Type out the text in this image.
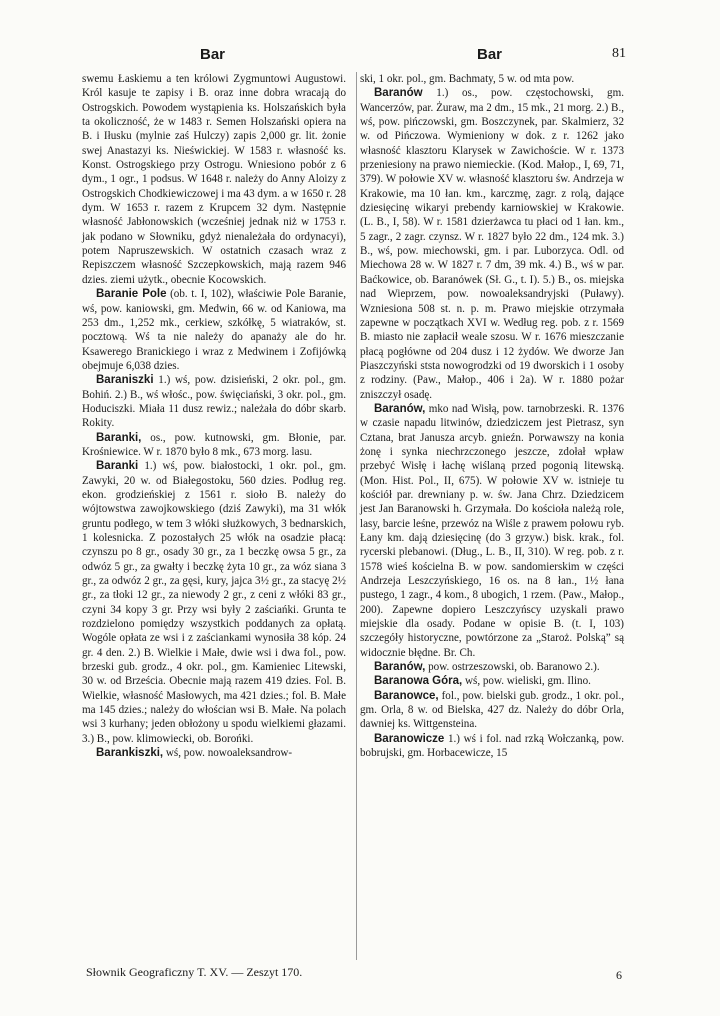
Bar	Bar	81

swemu Łaskiemu a ten królowi Zygmuntowi Augustowi. Król kasuje te zapisy i B. oraz inne dobra wracają do Ostrogskich. Powodem wystąpienia ks. Holszańskich była ta okoliczność, że w 1483 r. Semen Holszański opiera na B. i Iłusku (mylnie zaś Hulczy) zapis 2,000 gr. lit. żonie swej Anastazyi ks. Nieświckiej. W 1583 r. własność ks. Konst. Ostrogskiego przy Ostrogu. Wniesiono pobór z 6 dym., 1 ogr., 1 podsus. W 1648 r. należy do Anny Aloizy z Ostrogskich Chodkiewiczowej i ma 43 dym. a w 1650 r. 28 dym. W 1653 r. razem z Krupcem 32 dym. Następnie własność Jabłonowskich (wcześniej jednak niż w 1753 r. jak podano w Słowniku, gdyż nienależała do ordynacyi), potem Napruszewskich. W ostatnich czasach wraz z Repiszczem własność Szczepkowskich, mają razem 946 dzies. ziemi użytk., obecnie Kocowskich.

Baranie Pole (ob. t. I, 102), właściwie Pole Baranie, wś, pow. kaniowski, gm. Medwin, 66 w. od Kaniowa, ma 253 dm., 1,252 mk., cerkiew, szkółkę, 5 wiatraków, st. pocztową. Wś ta nie należy do apanaży ale do hr. Ksawerego Branickiego i wraz z Medwinem i Zofijówką obejmuje 6,038 dzies.

Baraniszki 1.) wś, pow. dzisieński, 2 okr. pol., gm. Bohiń. 2.) B., wś włośc., pow. święciański, 3 okr. pol., gm. Hoduciszki. Miała 11 dusz rewiz.; należała do dóbr skarb. Rokity.

Baranki, os., pow. kutnowski, gm. Błonie, par. Krośniewice. W r. 1870 było 8 mk., 673 morg. lasu.

Baranki 1.) wś, pow. białostocki, 1 okr. pol., gm. Zawyki, 20 w. od Białegostoku, 560 dzies. Podług reg. ekon. grodzieńskiej z 1561 r. sioło B. należy do wójtowstwa zawojkowskiego (dziś Zawyki), ma 31 włók gruntu podłego, w tem 3 włóki służkowych, 3 bednarskich, 1 kolesnicka. Z pozostałych 25 włók na osadzie płacą: czynszu po 8 gr., osady 30 gr., za 1 beczkę owsa 5 gr., za odwóz 5 gr., za gwałty i beczkę żyta 10 gr., za wóz siana 3 gr., za odwóz 2 gr., za gęsi, kury, jajca 3½ gr., za stacyę 2½ gr., za tłoki 12 gr., za niewody 2 gr., z ceni z włóki 83 gr., czyni 34 kopy 3 gr. Przy wsi były 2 zaściańki. Grunta te rozdzielono pomiędzy wszystkich poddanych za opłatą. Wogóle opłata ze wsi i z zaściankami wynosiła 38 kóp. 24 gr. 4 den. 2.) B. Wielkie i Małe, dwie wsi i dwa fol., pow. brzeski gub. grodz., 4 okr. pol., gm. Kamieniec Litewski, 30 w. od Brześcia. Obecnie mają razem 419 dzies. Fol. B. Wielkie, własność Masłowych, ma 421 dzies.; fol. B. Małe ma 145 dzies.; należy do włościan wsi B. Małe. Na polach wsi 3 kurhany; jeden obłożony u spodu wielkiemi głazami. 3.) B., pow. klimowiecki, ob. Borońki.

Barankiszki, wś, pow. nowoaleksandrow-

ski, 1 okr. pol., gm. Bachmaty, 5 w. od mta pow.

Baranów 1.) os., pow. częstochowski, gm. Wancerzów, par. Żuraw, ma 2 dm., 15 mk., 21 morg. 2.) B., wś, pow. pińczowski, gm. Boszczynek, par. Skalmierz, 32 w. od Pińczowa. Wymieniony w dok. z r. 1262 jako własność klasztoru Klarysek w Zawichoście. W r. 1373 przeniesiony na prawo niemieckie. (Kod. Małop., I, 69, 71, 379). W połowie XV w. własność klasztoru św. Andrzeja w Krakowie, ma 10 łan. km., karczmę, zagr. z rolą, dające dziesięcinę wikaryi prebendy karniowskiej w Krakowie. (L. B., I, 58). W r. 1581 dzierżawca tu płaci od 1 łan. km., 5 zagr., 2 zagr. czynsz. W r. 1827 było 22 dm., 124 mk. 3.) B., wś, pow. miechowski, gm. i par. Luborzyca. Odl. od Miechowa 28 w. W 1827 r. 7 dm, 39 mk. 4.) B., wś w par. Baćkowice, ob. Baranówek (Sł. G., t. I). 5.) B., os. miejska nad Wieprzem, pow. nowoaleksandryjski (Puławy). Wzniesiona 508 st. n. p. m. Prawo miejskie otrzymała zapewne w początkach XVI w. Według reg. pob. z r. 1569 B. miasto nie zapłacił weale szosu. W r. 1676 mieszczanie płacą pogłówne od 204 dusz i 12 żydów. We dworze Jan Piaszczyński ststa nowogrodzki od 19 dworskich i 1 osoby z rodziny. (Paw., Małop., 406 i 2a). W r. 1880 pożar zniszczył osadę.

Baranów, mko nad Wisłą, pow. tarnobrzeski. R. 1376 w czasie napadu litwinów, dziedziczem jest Pietrasz, syn Cztana, brat Janusza arcyb. gnieźn. Porwawszy na konia żonę i synka niechrzczonego jeszcze, zdołał wpław przebyć Wisłę i łachę wiślaną przed pogonią litewską. (Mon. Hist. Pol., II, 675). W połowie XV w. istnieje tu kościół par. drewniany p. w. św. Jana Chrz. Dziedzicem jest Jan Baranowski h. Grzymała. Do kościoła należą role, lasy, barcie leśne, przewóz na Wiśle z prawem połowu ryb. Łany km. dają dziesięcinę (do 3 grzyw.) bisk. krak., fol. rycerski plebanowi. (Dług., L. B., II, 310). W reg. pob. z r. 1578 wieś kościelna B. w pow. sandomierskim w części Andrzeja Leszczyńskiego, 16 os. na 8 łan., 1½ łana pustego, 1 zagr., 4 kom., 8 ubogich, 1 rzem. (Paw., Małop., 200). Zapewne dopiero Leszczyńscy uzyskali prawo miejskie dla osady. Podane w opisie B. (t. I, 103) szczegóły historyczne, powtórzone za „Staroż. Polską” są widocznie błędne. Br. Ch.

Baranów, pow. ostrzeszowski, ob. Baranowo 2.).

Baranowa Góra, wś, pow. wieliski, gm. Ilino.

Baranowce, fol., pow. bielski gub. grodz., 1 okr. pol., gm. Orla, 8 w. od Bielska, 427 dz. Należy do dóbr Orla, dawniej ks. Wittgensteina.

Baranowicze 1.) wś i fol. nad rzką Wołczanką, pow. bobrujski, gm. Horbacewicze, 15

Słownik Geograficzny T. XV. — Zeszyt 170.	6
